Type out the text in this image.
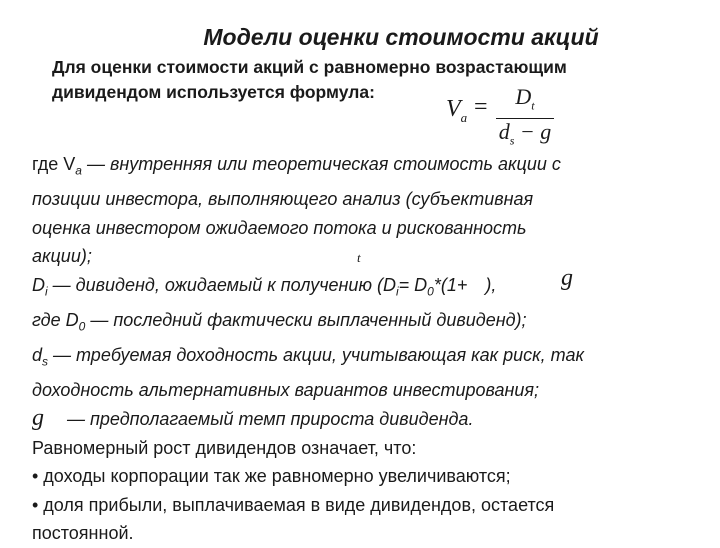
Модели оценки стоимости акций
Для оценки стоимости акций с равномерно возрастающим
дивидендом используется формула:
$V_a$ =	$D_t$
$d_s - g$

где $V_a$ — внутренняя или теоретическая стоимость акции с

позиции инвестора, выполняющего анализ (субъективная

оценка инвестором ожидаемого потока и рискованность

акции);

$D_i$ — дивиденд, ожидаемый к получению ($D_i= D_0*(1+$ ),

где $D_0$ — последний фактически выплаченный дивиденд);

$d_s$ — требуемая доходность акции, учитывающая как риск, так

доходность альтернативных вариантов инвестирования;

g — предполагаемый темп прироста дивиденда.

Равномерный рост дивидендов означает, что:

• доходы корпорации так же равномерно увеличиваются;

• доля прибыли, выплачиваемая в виде дивидендов, остается

постоянной.

g
t
